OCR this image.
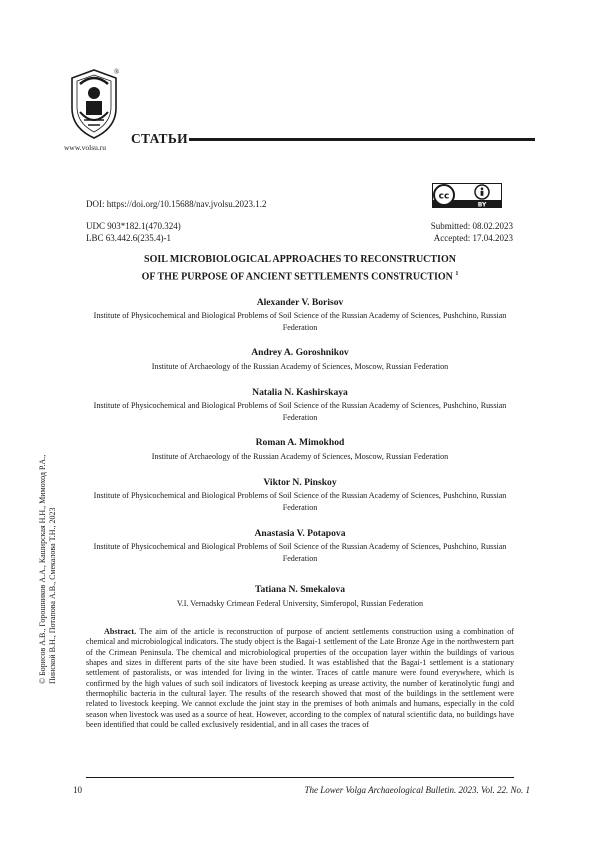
®
www.volsu.ru
СТАТЬИ
DOI: https://doi.org/10.15688/nav.jvolsu.2023.1.2
UDC 903*182.1(470.324)
LBC 63.442.6(235.4)-1
Submitted: 08.02.2023
Accepted: 17.04.2023
cc
BY
SOIL MICROBIOLOGICAL APPROACHES TO RECONSTRUCTION
OF THE PURPOSE OF ANCIENT SETTLEMENTS CONSTRUCTION $^1$
Alexander V. Borisov
Institute of Physicochemical and Biological Problems of Soil Science of the Russian Academy of Sciences, Pushchino, Russian Federation
Andrey A. Goroshnikov
Institute of Archaeology of the Russian Academy of Sciences, Moscow, Russian Federation
Natalia N. Kashirskaya
Institute of Physicochemical and Biological Problems of Soil Science of the Russian Academy of Sciences, Pushchino, Russian Federation
Roman A. Mimokhod
Institute of Archaeology of the Russian Academy of Sciences, Moscow, Russian Federation
Viktor N. Pinskoy
Institute of Physicochemical and Biological Problems of Soil Science of the Russian Academy of Sciences, Pushchino, Russian Federation
Anastasia V. Potapova
Institute of Physicochemical and Biological Problems of Soil Science of the Russian Academy of Sciences, Pushchino, Russian Federation
Tatiana N. Smekalova
V.I. Vernadsky Crimean Federal University, Simferopol, Russian Federation

Abstract. The aim of the article is reconstruction of purpose of ancient settlements construction using a combination of chemical and microbiological indicators. The study object is the Bagai-1 settlement of the Late Bronze Age in the northwestern part of the Crimean Peninsula. The chemical and microbiological properties of the occupation layer within the buildings of various shapes and sizes in different parts of the site have been studied. It was established that the Bagai-1 settlement is a stationary settlement of pastoralists, or was intended for living in the winter. Traces of cattle manure were found everywhere, which is confirmed by the high values of such soil indicators of livestock keeping as urease activity, the number of keratinolytic fungi and thermophilic bacteria in the cultural layer. The results of the research showed that most of the buildings in the settlement were related to livestock keeping. We cannot exclude the joint stay in the premises of both animals and humans, especially in the cold season when livestock was used as a source of heat. However, according to the complex of natural scientific data, no buildings have been identified that could be called exclusively residential, and in all cases the traces of

© Борисов А.В., Горошников А.А., Каширская Н.Н., Мимоход Р.А., Пинской В.Н., Потапова А.В., Смекалова Т.Н., 2023
10	The Lower Volga Archaeological Bulletin. 2023. Vol. 22. No. 1
